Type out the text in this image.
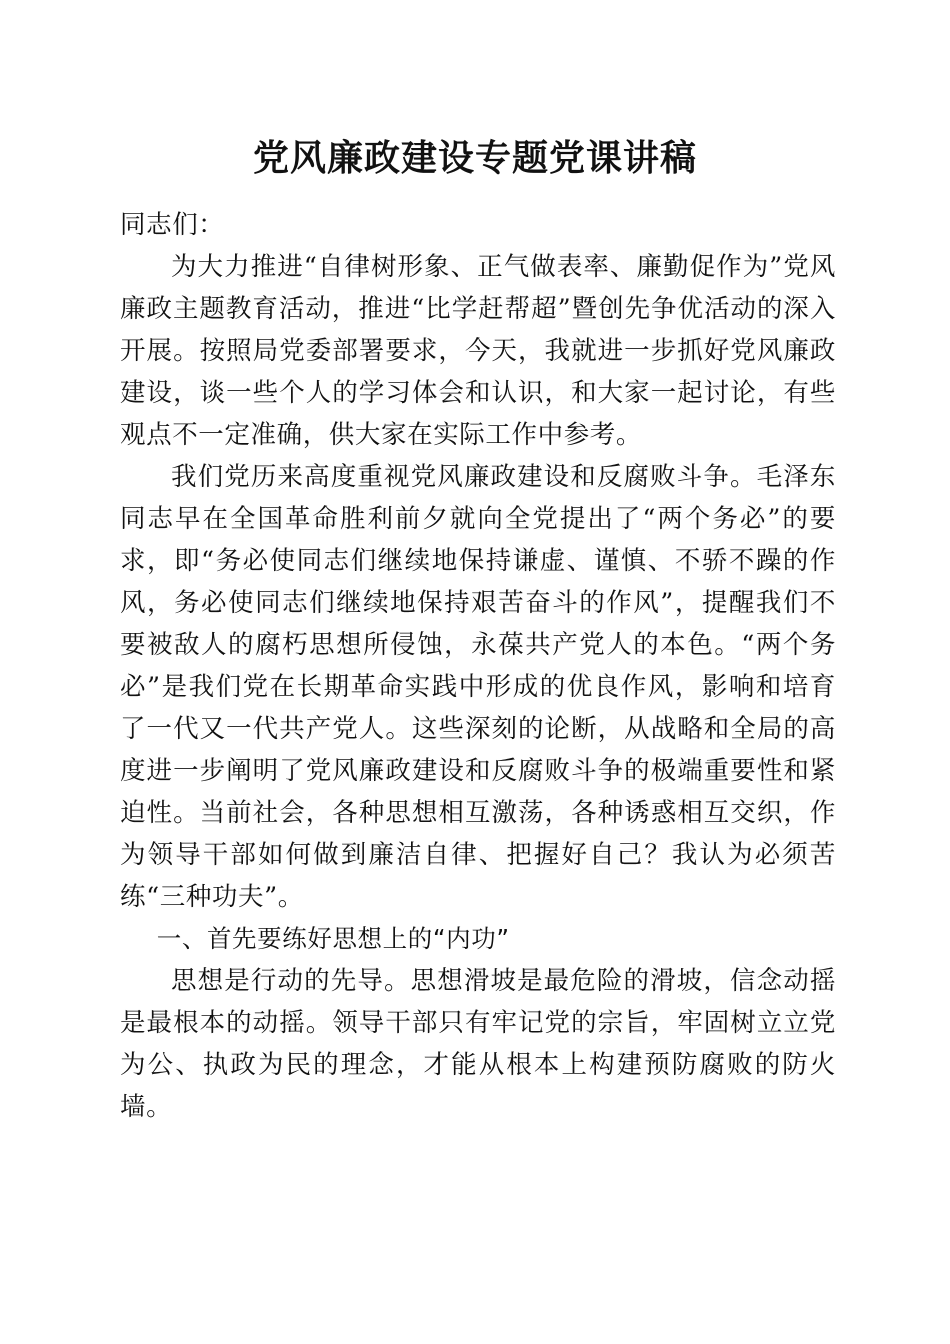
党风廉政建设专题党课讲稿

同志们：

为大力推进“自律树形象、正气做表率、廉勤促作为”党风廉政主题教育活动，推进“比学赶帮超”暨创先争优活动的深入开展。按照局党委部署要求，今天，我就进一步抓好党风廉政建设，谈一些个人的学习体会和认识，和大家一起讨论，有些观点不一定准确，供大家在实际工作中参考。

我们党历来高度重视党风廉政建设和反腐败斗争。毛泽东同志早在全国革命胜利前夕就向全党提出了“两个务必”的要求，即“务必使同志们继续地保持谦虚、谨慎、不骄不躁的作风，务必使同志们继续地保持艰苦奋斗的作风”，提醒我们不要被敌人的腐朽思想所侵蚀，永葆共产党人的本色。“两个务必”是我们党在长期革命实践中形成的优良作风，影响和培育了一代又一代共产党人。这些深刻的论断，从战略和全局的高度进一步阐明了党风廉政建设和反腐败斗争的极端重要性和紧迫性。当前社会，各种思想相互激荡，各种诱惑相互交织，作为领导干部如何做到廉洁自律、把握好自己？我认为必须苦练“三种功夫”。

一、首先要练好思想上的“内功”

思想是行动的先导。思想滑坡是最危险的滑坡，信念动摇是最根本的动摇。领导干部只有牢记党的宗旨，牢固树立立党为公、执政为民的理念，才能从根本上构建预防腐败的防火墙。
